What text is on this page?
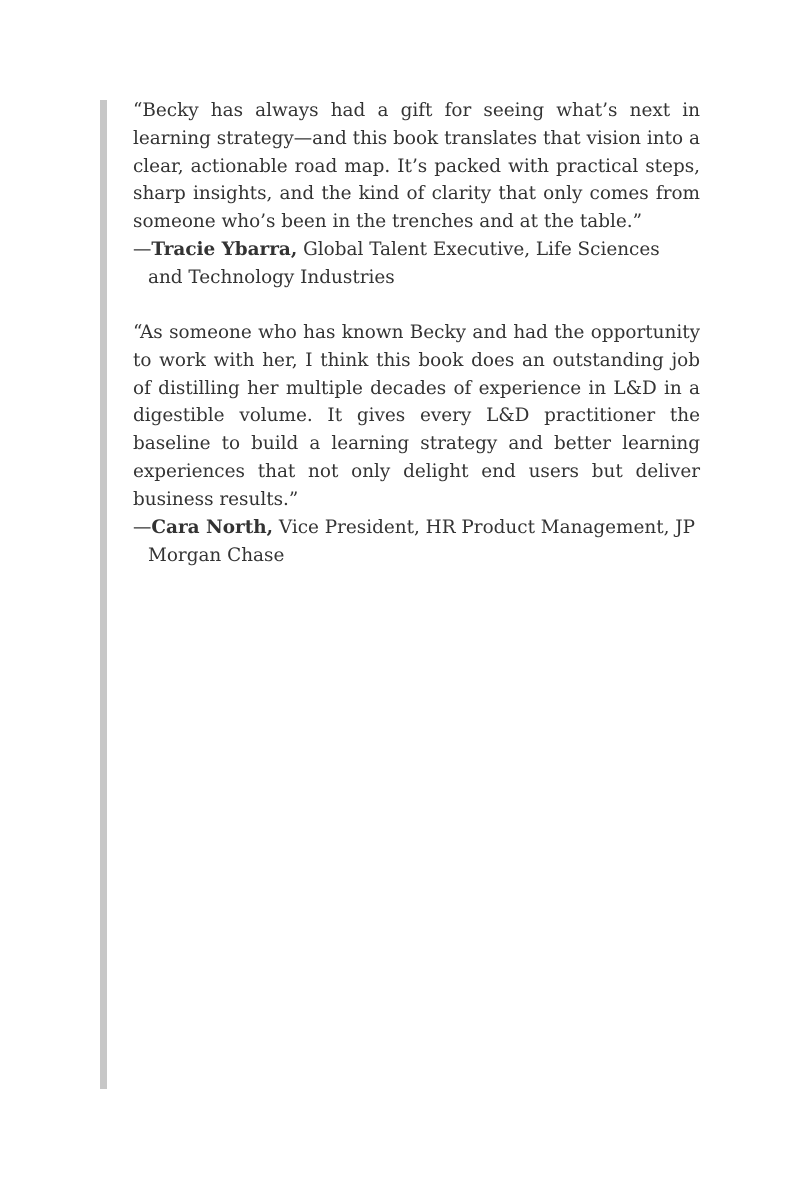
“Becky has always had a gift for seeing what’s next in learning strategy—and this book translates that vision into a clear, actionable road map. It’s packed with practical steps, sharp insights, and the kind of clarity that only comes from someone who’s been in the trenches and at the table.”

—Tracie Ybarra, Global Talent Executive, Life Sciences and Technology Industries

“As someone who has known Becky and had the opportunity to work with her, I think this book does an outstanding job of distilling her multiple decades of experience in L&D in a digestible volume. It gives every L&D practitioner the baseline to build a learning strategy and better learning experiences that not only delight end users but deliver business results.”

—Cara North, Vice President, HR Product Management, JP Morgan Chase
